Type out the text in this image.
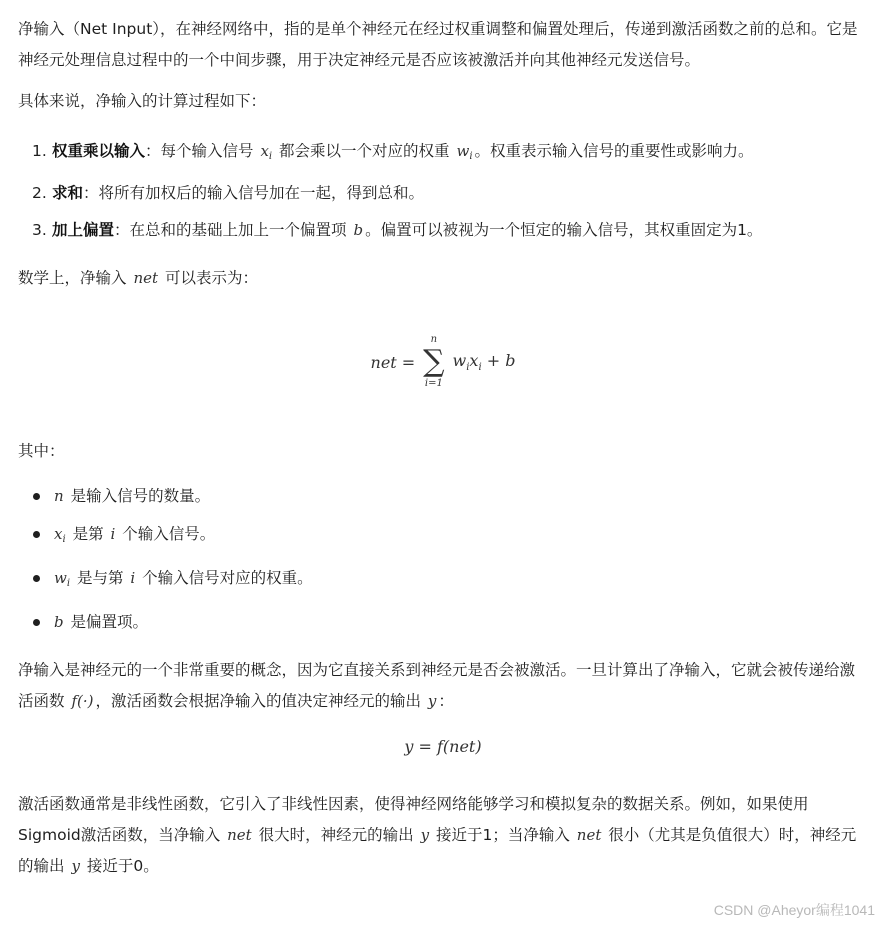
净输入（Net Input），在神经网络中，指的是单个神经元在经过权重调整和偏置处理后，传递到激活函数之前的总和。它是神经元处理信息过程中的一个中间步骤，用于决定神经元是否应该被激活并向其他神经元发送信号。

具体来说，净输入的计算过程如下：

1. 权重乘以输入：每个输入信号 $x_i$ 都会乘以一个对应的权重 $w_i$ 。权重表示输入信号的重要性或影响力。
2. 求和：将所有加权后的输入信号加在一起，得到总和。
3. 加上偏置：在总和的基础上加上一个偏置项 b 。偏置可以被视为一个恒定的输入信号，其权重固定为1。

数学上，净输入 net 可以表示为：

net =
n
∑
i=1
$w_ix_i + b$

其中：

n 是输入信号的数量。
$x_i$ 是第 i 个输入信号。
$w_i$ 是与第 i 个输入信号对应的权重。
b 是偏置项。

净输入是神经元的一个非常重要的概念，因为它直接关系到神经元是否会被激活。一旦计算出了净输入，它就会被传递给激活函数 f(·) ，激活函数会根据净输入的值决定神经元的输出 y ：

y = f(net)

激活函数通常是非线性函数，它引入了非线性因素，使得神经网络能够学习和模拟复杂的数据关系。例如，如果使用Sigmoid激活函数，当净输入 net 很大时，神经元的输出 y 接近于1；当净输入 net 很小（尤其是负值很大）时，神经元的输出 y 接近于0。

CSDN @Aheyor编程1041
